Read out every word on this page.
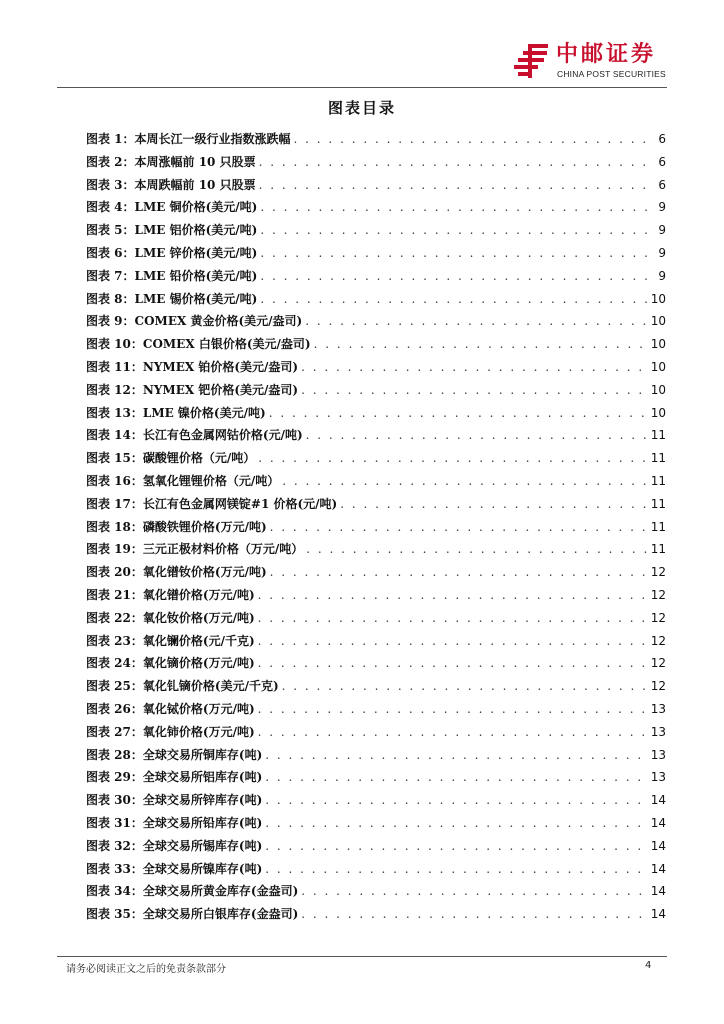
中邮证券
CHINA POST SECURITIES
图表目录
图表 1： 本周长江一级行业指数涨跌幅 . . .	6
图表 2： 本周涨幅前 10 只股票 . . .	6
图表 3： 本周跌幅前 10 只股票 . . .	6
图表 4： LME 铜价格(美元/吨) . . .	9
图表 5： LME 铝价格(美元/吨) . . .	9
图表 6： LME 锌价格(美元/吨) . . .	9
图表 7： LME 铅价格(美元/吨) . . .	9
图表 8： LME 锡价格(美元/吨) . . .	10
图表 9： COMEX 黄金价格(美元/盎司) . . .	10
图表 10： COMEX 白银价格(美元/盎司) . . .	10
图表 11： NYMEX 铂价格(美元/盎司) . . .	10
图表 12： NYMEX 钯价格(美元/盎司) . . .	10
图表 13： LME 镍价格(美元/吨) . . .	10
图表 14： 长江有色金属网钴价格(元/吨) . . .	11
图表 15： 碳酸锂价格（元/吨） . . .	11
图表 16： 氢氧化锂锂价格（元/吨） . . .	11
图表 17： 长江有色金属网镁锭#1 价格(元/吨) . . .	11
图表 18： 磷酸铁锂价格(万元/吨) . . .	11
图表 19： 三元正极材料价格（万元/吨） . . .	11
图表 20： 氧化镨钕价格(万元/吨) . . .	12
图表 21： 氧化镨价格(万元/吨) . . .	12
图表 22： 氧化钕价格(万元/吨) . . .	12
图表 23： 氧化镧价格(元/千克) . . .	12
图表 24： 氧化镝价格(万元/吨) . . .	12
图表 25： 氧化钆镝价格(美元/千克) . . .	12
图表 26： 氧化铽价格(万元/吨) . . .	13
图表 27： 氧化铈价格(万元/吨) . . .	13
图表 28： 全球交易所铜库存(吨) . . .	13
图表 29： 全球交易所铝库存(吨) . . .	13
图表 30： 全球交易所锌库存(吨) . . .	14
图表 31： 全球交易所铅库存(吨) . . .	14
图表 32： 全球交易所锡库存(吨) . . .	14
图表 33： 全球交易所镍库存(吨) . . .	14
图表 34： 全球交易所黄金库存(金盎司) . . .	14
图表 35： 全球交易所白银库存(金盎司) . . .	14
请务必阅读正文之后的免责条款部分	4
